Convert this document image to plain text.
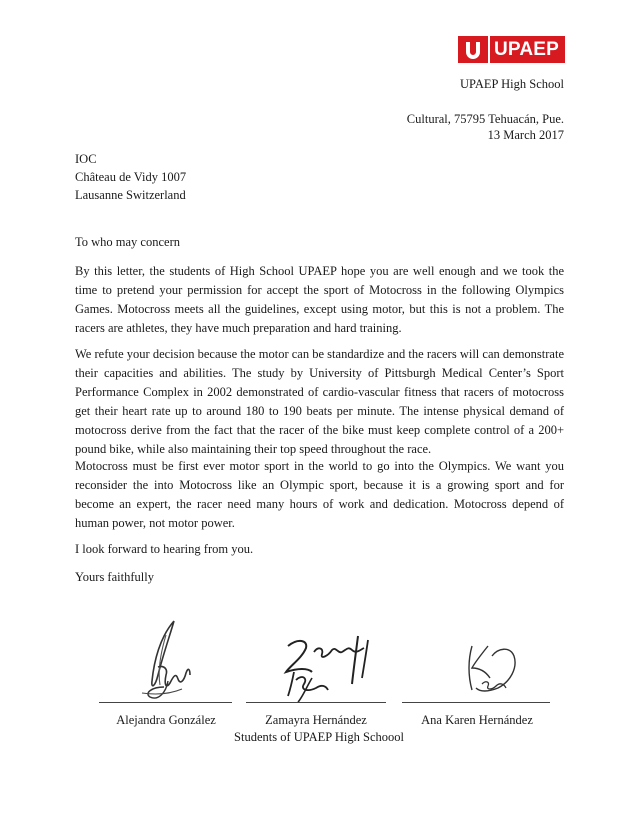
UPAEP
UPAEP High School
Cultural, 75795 Tehuacán, Pue.
13 March 2017
IOC
Château de Vidy 1007
Lausanne Switzerland
To who may concern

By this letter, the students of High School UPAEP hope you are well enough and we took the time to pretend your permission for accept the sport of Motocross in the following Olympics Games. Motocross meets all the guidelines, except using motor, but this is not a problem. The racers are athletes, they have much preparation and hard training.

We refute your decision because the motor can be standardize and the racers will can demonstrate their capacities and abilities. The study by University of Pittsburgh Medical Center’s Sport Performance Complex in 2002 demonstrated of cardio-vascular fitness that racers of motocross get their heart rate up to around 180 to 190 beats per minute. The intense physical demand of motocross derive from the fact that the racer of the bike must keep complete control of a 200+ pound bike, while also maintaining their top speed throughout the race.

Motocross must be first ever motor sport in the world to go into the Olympics. We want you reconsider the into Motocross like an Olympic sport, because it is a growing sport and for become an expert, the racer need many hours of work and dedication. Motocross depend of human power, not motor power.

I look forward to hearing from you.
Yours faithfully
Alejandra González	Zamayra Hernández	Ana Karen Hernández
Students of UPAEP High Schoool
